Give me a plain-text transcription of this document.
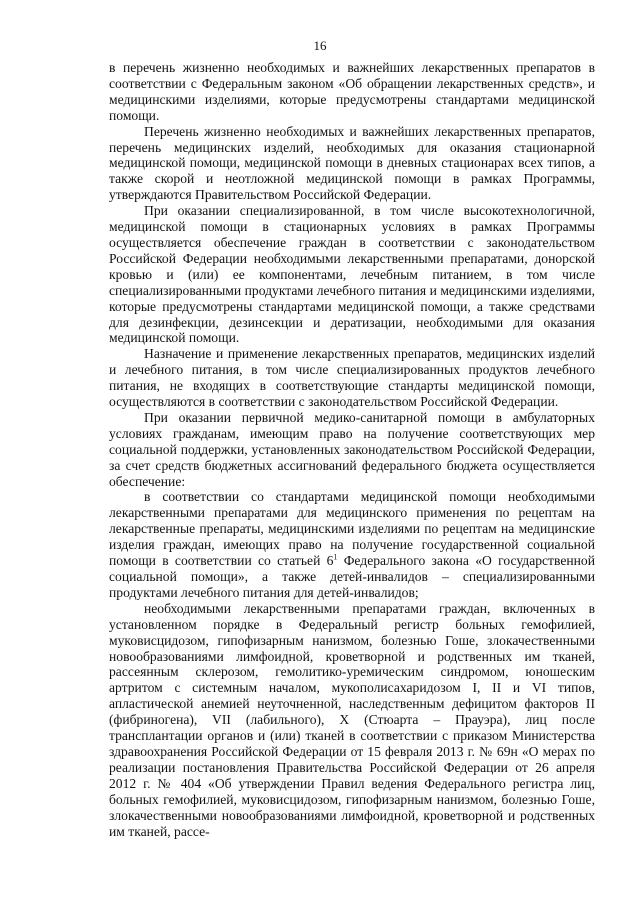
16

в перечень жизненно необходимых и важнейших лекарственных препаратов в соответствии с Федеральным законом «Об обращении лекарственных средств», и медицинскими изделиями, которые предусмотрены стандартами медицинской помощи.

Перечень жизненно необходимых и важнейших лекарственных препаратов, перечень медицинских изделий, необходимых для оказания стационарной медицинской помощи, медицинской помощи в дневных стационарах всех типов, а также скорой и неотложной медицинской помощи в рамках Программы, утверждаются Правительством Российской Федерации.

При оказании специализированной, в том числе высокотехнологичной, медицинской помощи в стационарных условиях в рамках Программы осуществляется обеспечение граждан в соответствии с законодательством Российской Федерации необходимыми лекарственными препаратами, донорской кровью и (или) ее компонентами, лечебным питанием, в том числе специализированными продуктами лечебного питания и медицинскими изделиями, которые предусмотрены стандартами медицинской помощи, а также средствами для дезинфекции, дезинсекции и дератизации, необходимыми для оказания медицинской помощи.

Назначение и применение лекарственных препаратов, медицинских изделий и лечебного питания, в том числе специализированных продуктов лечебного питания, не входящих в соответствующие стандарты медицинской помощи, осуществляются в соответствии с законодательством Российской Федерации.

При оказании первичной медико-санитарной помощи в амбулаторных условиях гражданам, имеющим право на получение соответствующих мер социальной поддержки, установленных законодательством Российской Федерации, за счет средств бюджетных ассигнований федерального бюджета осуществляется обеспечение:

в соответствии со стандартами медицинской помощи необходимыми лекарственными препаратами для медицинского применения по рецептам на лекарственные препараты, медицинскими изделиями по рецептам на медицинские изделия граждан, имеющих право на получение государственной социальной помощи в соответствии со статьей 6$^1$ Федерального закона «О государственной социальной помощи», а также детей-инвалидов – специализированными продуктами лечебного питания для детей-инвалидов;

необходимыми лекарственными препаратами граждан, включенных в установленном порядке в Федеральный регистр больных гемофилией, муковисцидозом, гипофизарным нанизмом, болезнью Гоше, злокачественными новообразованиями лимфоидной, кроветворной и родственных им тканей, рассеянным склерозом, гемолитико-уремическим синдромом, юношеским артритом с системным началом, мукополисахаридозом I, II и VI типов, апластической анемией неуточненной, наследственным дефицитом факторов II (фибриногена), VII (лабильного), X (Стюарта – Прауэра), лиц после трансплантации органов и (или) тканей в соответствии с приказом Министерства здравоохранения Российской Федерации от 15 февраля 2013 г. № 69н «О мерах по реализации постановления Правительства Российской Федерации от 26 апреля 2012 г. № 404 «Об утверждении Правил ведения Федерального регистра лиц, больных гемофилией, муковисцидозом, гипофизарным нанизмом, болезнью Гоше, злокачественными новообразованиями лимфоидной, кроветворной и родственных им тканей, рассе-
